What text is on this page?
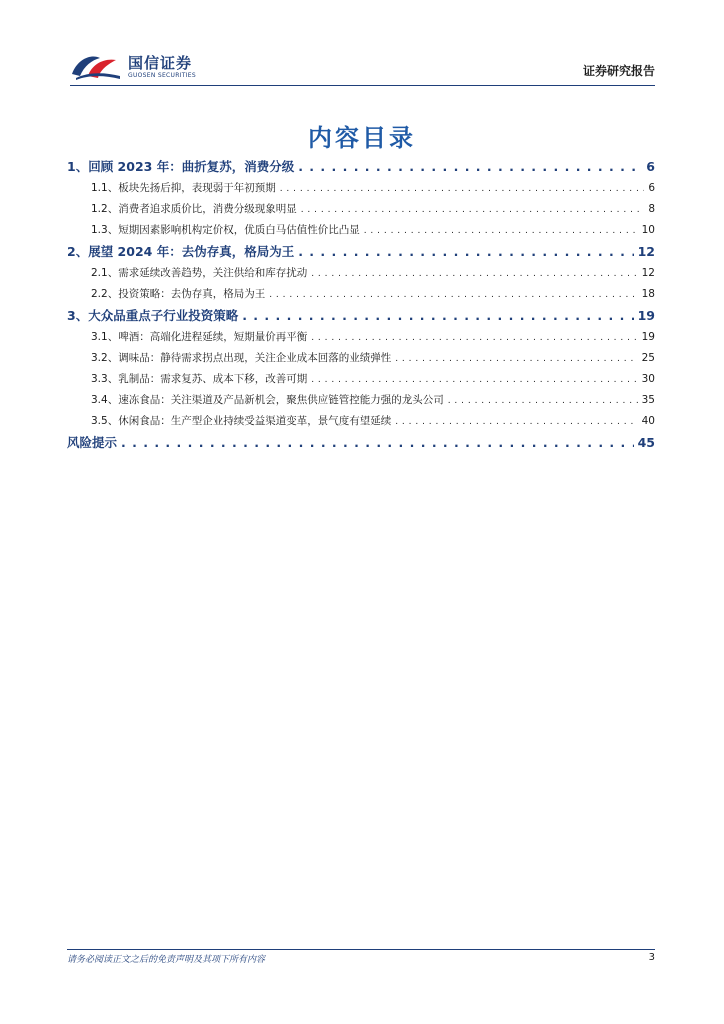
国信证券
GUOSEN SECURITIES	证券研究报告
内容目录
1、回顾 2023 年：曲折复苏，消费分级 . . .	6
1.1、板块先扬后抑，表现弱于年初预期 . . .	6
1.2、消费者追求质价比，消费分级现象明显 . . .	8
1.3、短期因素影响机构定价权，优质白马估值性价比凸显 . . .	10
2、展望 2024 年：去伪存真，格局为王 . . .	12
2.1、需求延续改善趋势，关注供给和库存扰动 . . .	12
2.2、投资策略：去伪存真，格局为王 . . .	18
3、大众品重点子行业投资策略 . . .	19
3.1、啤酒：高端化进程延续，短期量价再平衡 . . .	19
3.2、调味品：静待需求拐点出现，关注企业成本回落的业绩弹性 . . .	25
3.3、乳制品：需求复苏、成本下移，改善可期 . . .	30
3.4、速冻食品：关注渠道及产品新机会，聚焦供应链管控能力强的龙头公司 . . .	35
3.5、休闲食品：生产型企业持续受益渠道变革，景气度有望延续 . . .	40
风险提示 . . .	45
请务必阅读正文之后的免责声明及其项下所有内容	3
